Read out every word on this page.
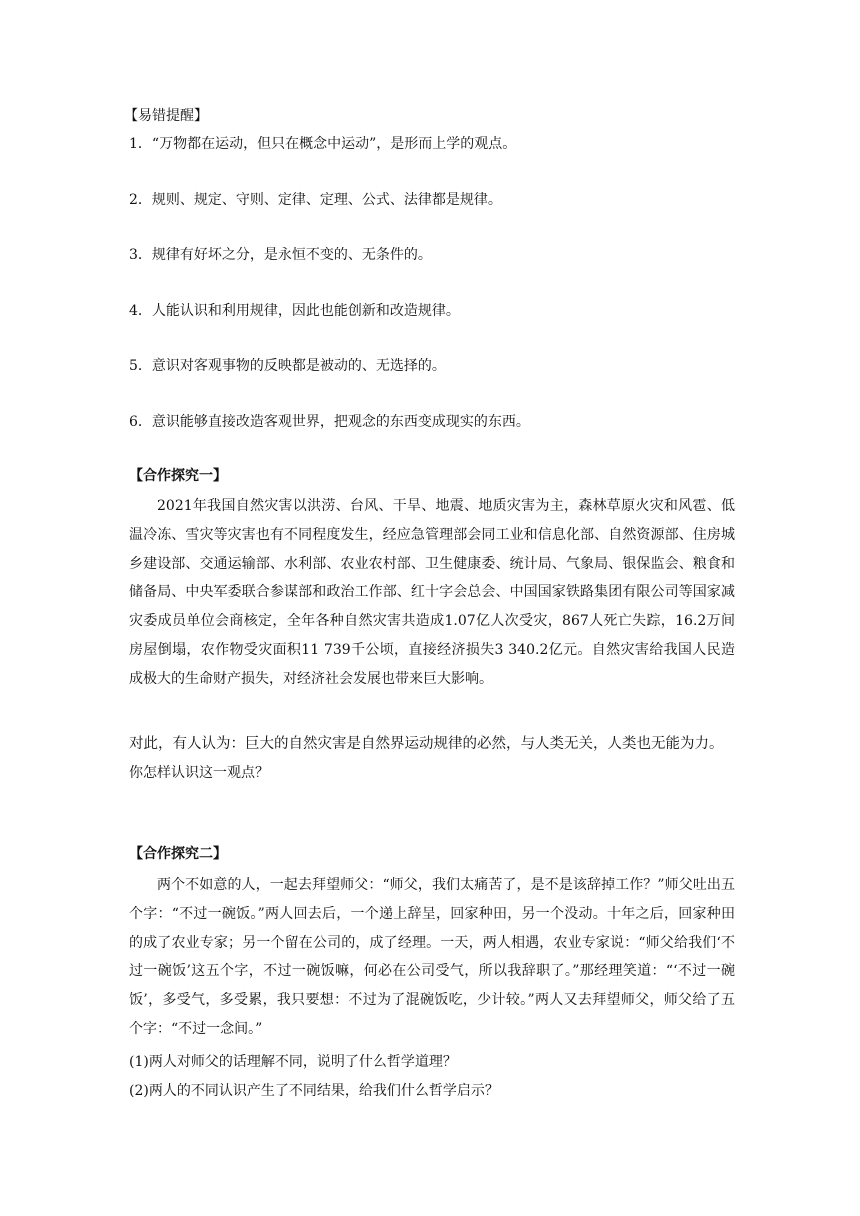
【易错提醒】
1．“万物都在运动，但只在概念中运动”，是形而上学的观点。
2．规则、规定、守则、定律、定理、公式、法律都是规律。
3．规律有好坏之分，是永恒不变的、无条件的。
4．人能认识和利用规律，因此也能创新和改造规律。
5．意识对客观事物的反映都是被动的、无选择的。
6．意识能够直接改造客观世界，把观念的东西变成现实的东西。
【合作探究一】
2021年我国自然灾害以洪涝、台风、干旱、地震、地质灾害为主，森林草原火灾和风雹、低温冷冻、雪灾等灾害也有不同程度发生，经应急管理部会同工业和信息化部、自然资源部、住房城乡建设部、交通运输部、水利部、农业农村部、卫生健康委、统计局、气象局、银保监会、粮食和储备局、中央军委联合参谋部和政治工作部、红十字会总会、中国国家铁路集团有限公司等国家减灾委成员单位会商核定，全年各种自然灾害共造成1.07亿人次受灾，867人死亡失踪，16.2万间房屋倒塌，农作物受灾面积11 739千公顷，直接经济损失3 340.2亿元。自然灾害给我国人民造成极大的生命财产损失，对经济社会发展也带来巨大影响。
对此，有人认为：巨大的自然灾害是自然界运动规律的必然，与人类无关，人类也无能为力。
你怎样认识这一观点？
【合作探究二】
两个不如意的人，一起去拜望师父：“师父，我们太痛苦了，是不是该辞掉工作？”师父吐出五个字：“不过一碗饭。”两人回去后，一个递上辞呈，回家种田，另一个没动。十年之后，回家种田的成了农业专家；另一个留在公司的，成了经理。一天，两人相遇，农业专家说：“师父给我们‘不过一碗饭’这五个字，不过一碗饭嘛，何必在公司受气，所以我辞职了。”那经理笑道：“‘不过一碗饭’，多受气，多受累，我只要想：不过为了混碗饭吃，少计较。”两人又去拜望师父，师父给了五个字：“不过一念间。”
(1)两人对师父的话理解不同，说明了什么哲学道理？
(2)两人的不同认识产生了不同结果，给我们什么哲学启示？
